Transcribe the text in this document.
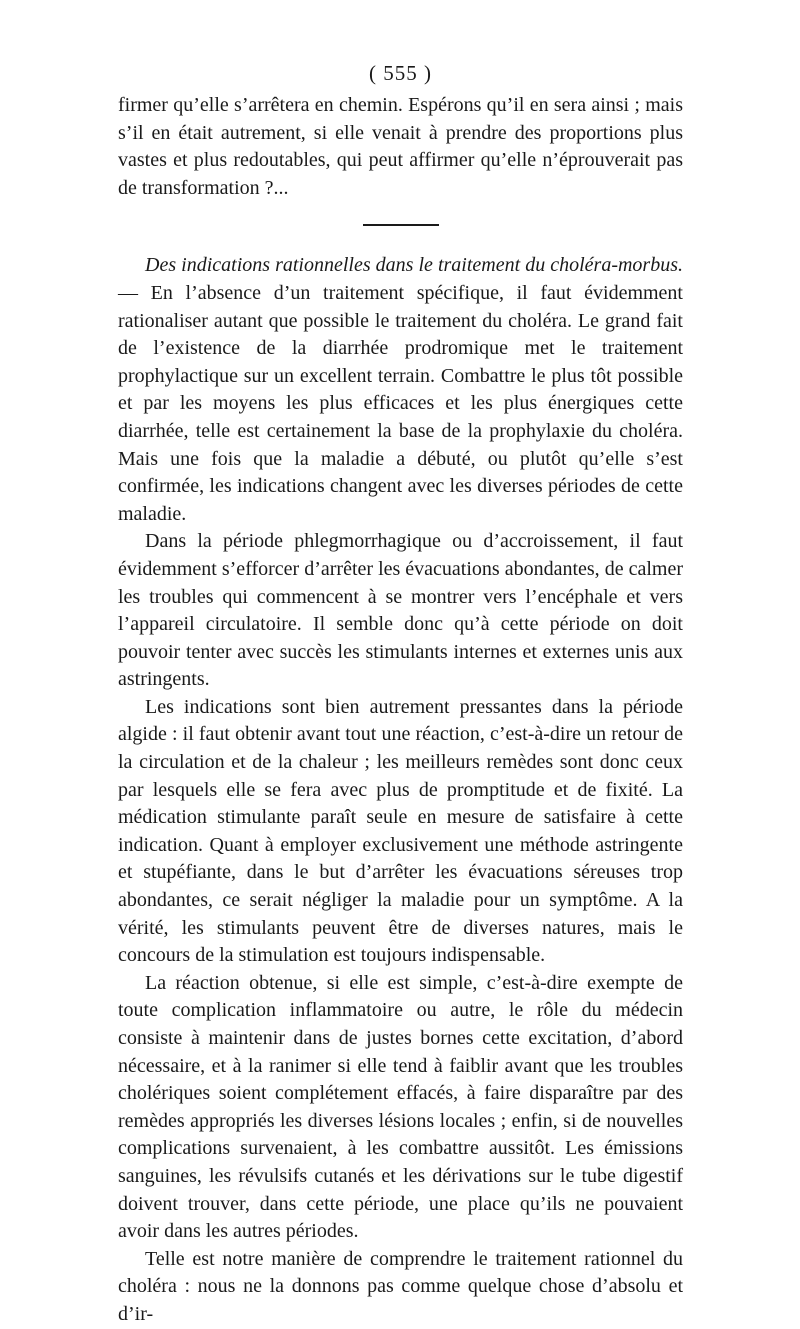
( 555 )

firmer qu’elle s’arrêtera en chemin. Espérons qu’il en sera ainsi ; mais s’il en était autrement, si elle venait à prendre des proportions plus vastes et plus redoutables, qui peut affirmer qu’elle n’éprouverait pas de transformation ?...

Des indications rationnelles dans le traitement du choléra-morbus. — En l’absence d’un traitement spécifique, il faut évidemment rationaliser autant que possible le traitement du choléra. Le grand fait de l’existence de la diarrhée prodromique met le traitement prophylactique sur un excellent terrain. Combattre le plus tôt possible et par les moyens les plus efficaces et les plus énergiques cette diarrhée, telle est certainement la base de la prophylaxie du choléra. Mais une fois que la maladie a débuté, ou plutôt qu’elle s’est confirmée, les indications changent avec les diverses périodes de cette maladie.

Dans la période phlegmorrhagique ou d’accroissement, il faut évidemment s’efforcer d’arrêter les évacuations abondantes, de calmer les troubles qui commencent à se montrer vers l’encéphale et vers l’appareil circulatoire. Il semble donc qu’à cette période on doit pouvoir tenter avec succès les stimulants internes et externes unis aux astringents.

Les indications sont bien autrement pressantes dans la période algide : il faut obtenir avant tout une réaction, c’est-à-dire un retour de la circulation et de la chaleur ; les meilleurs remèdes sont donc ceux par lesquels elle se fera avec plus de promptitude et de fixité. La médication stimulante paraît seule en mesure de satisfaire à cette indication. Quant à employer exclusivement une méthode astringente et stupéfiante, dans le but d’arrêter les évacuations séreuses trop abondantes, ce serait négliger la maladie pour un symptôme. A la vérité, les stimulants peuvent être de diverses natures, mais le concours de la stimulation est toujours indispensable.

La réaction obtenue, si elle est simple, c’est-à-dire exempte de toute complication inflammatoire ou autre, le rôle du médecin consiste à maintenir dans de justes bornes cette excitation, d’abord nécessaire, et à la ranimer si elle tend à faiblir avant que les troubles cholériques soient complétement effacés, à faire disparaître par des remèdes appropriés les diverses lésions locales ; enfin, si de nouvelles complications survenaient, à les combattre aussitôt. Les émissions sanguines, les révulsifs cutanés et les dérivations sur le tube digestif doivent trouver, dans cette période, une place qu’ils ne pouvaient avoir dans les autres périodes.

Telle est notre manière de comprendre le traitement rationnel du choléra : nous ne la donnons pas comme quelque chose d’absolu et d’ir-
